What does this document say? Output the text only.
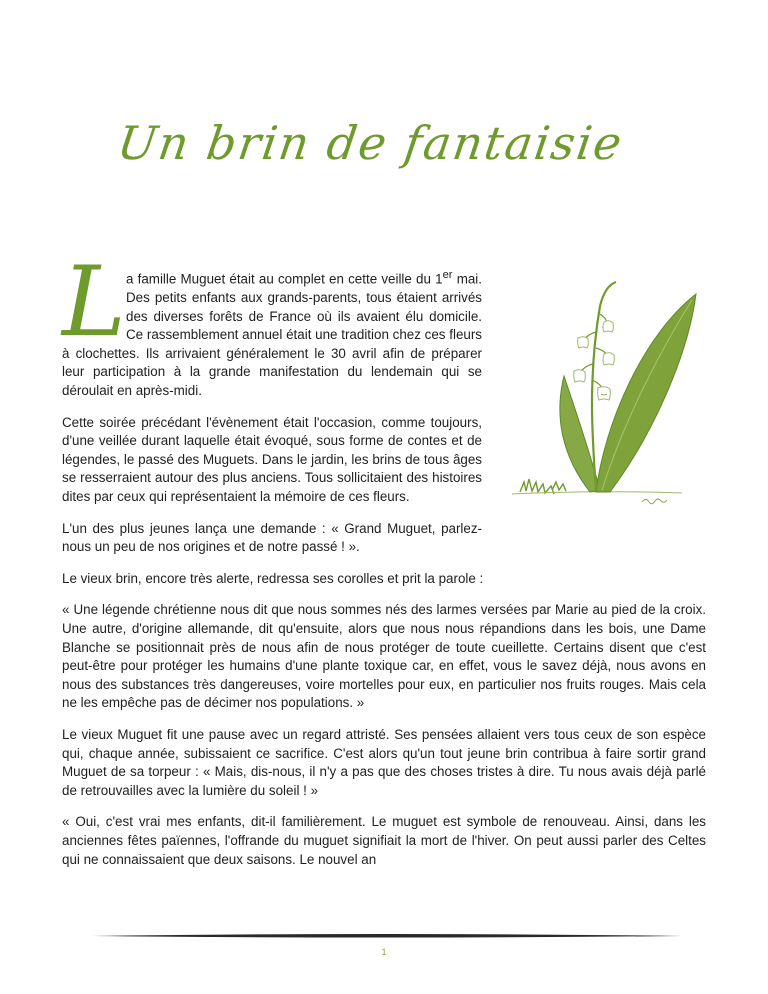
Un brin de fantaisie

La famille Muguet était au complet en cette veille du 1er mai. Des petits enfants aux grands-parents, tous étaient arrivés des diverses forêts de France où ils avaient élu domicile. Ce rassemblement annuel était une tradition chez ces fleurs à clochettes. Ils arrivaient généralement le 30 avril afin de préparer leur participation à la grande manifestation du lendemain qui se déroulait en après-midi.

Cette soirée précédant l'évènement était l'occasion, comme toujours, d'une veillée durant laquelle était évoqué, sous forme de contes et de légendes, le passé des Muguets. Dans le jardin, les brins de tous âges se resserraient autour des plus anciens. Tous sollicitaient des histoires dites par ceux qui représentaient la mémoire de ces fleurs.

L'un des plus jeunes lança une demande : « Grand Muguet, parlez-nous un peu de nos origines et de notre passé ! ».

Le vieux brin, encore très alerte, redressa ses corolles et prit la parole :

« Une légende chrétienne nous dit que nous sommes nés des larmes versées par Marie au pied de la croix. Une autre, d'origine allemande, dit qu'ensuite, alors que nous nous répandions dans les bois, une Dame Blanche se positionnait près de nous afin de nous protéger de toute cueillette. Certains disent que c'est peut-être pour protéger les humains d'une plante toxique car, en effet, vous le savez déjà, nous avons en nous des substances très dangereuses, voire mortelles pour eux, en particulier nos fruits rouges. Mais cela ne les empêche pas de décimer nos populations. »

Le vieux Muguet fit une pause avec un regard attristé. Ses pensées allaient vers tous ceux de son espèce qui, chaque année, subissaient ce sacrifice. C'est alors qu'un tout jeune brin contribua à faire sortir grand Muguet de sa torpeur : « Mais, dis-nous, il n'y a pas que des choses tristes à dire. Tu nous avais déjà parlé de retrouvailles avec la lumière du soleil ! »

« Oui, c'est vrai mes enfants, dit-il familièrement. Le muguet est symbole de renouveau. Ainsi, dans les anciennes fêtes païennes, l'offrande du muguet signifiait la mort de l'hiver. On peut aussi parler des Celtes qui ne connaissaient que deux saisons. Le nouvel an

1
